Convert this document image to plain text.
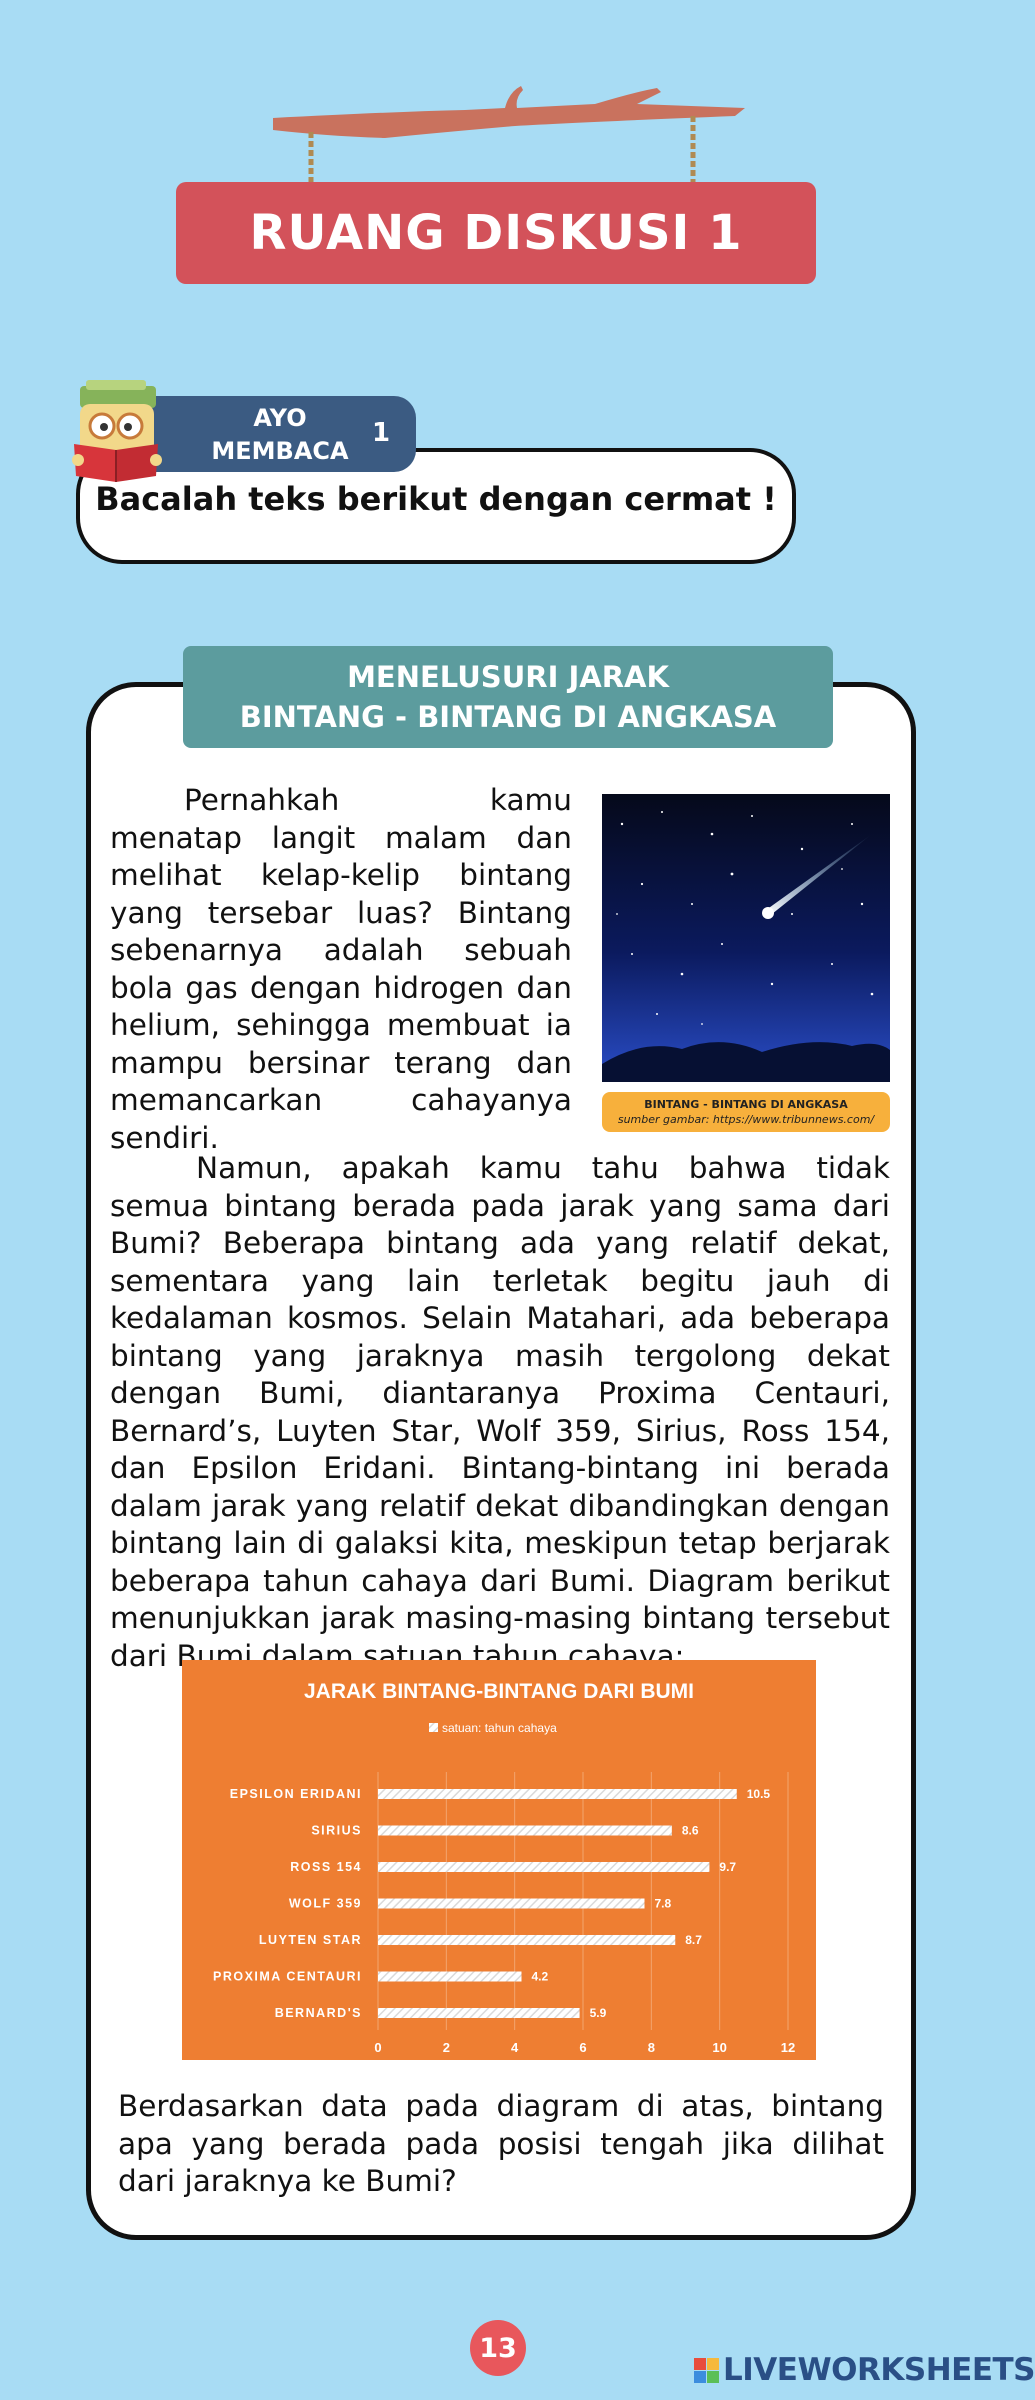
RUANG DISKUSI 1
Bacalah teks berikut dengan cermat !
AYO
MEMBACA
1
MENELUSURI JARAK
BINTANG - BINTANG DI ANGKASA
Pernahkah kamu menatap langit malam dan melihat kelap-kelip bintang yang tersebar luas? Bintang sebenarnya adalah sebuah bola gas dengan hidrogen dan helium, sehingga membuat ia mampu bersinar terang dan memancarkan cahayanya sendiri.
BINTANG - BINTANG DI ANGKASA
sumber gambar: https://www.tribunnews.com/
Namun, apakah kamu tahu bahwa tidak semua bintang berada pada jarak yang sama dari Bumi? Beberapa bintang ada yang relatif dekat, sementara yang lain terletak begitu jauh di kedalaman kosmos. Selain Matahari, ada beberapa bintang yang jaraknya masih tergolong dekat dengan Bumi, diantaranya Proxima Centauri, Bernard’s, Luyten Star, Wolf 359, Sirius, Ross 154, dan Epsilon Eridani. Bintang-bintang ini berada dalam jarak yang relatif dekat dibandingkan dengan bintang lain di galaksi kita, meskipun tetap berjarak beberapa tahun cahaya dari Bumi. Diagram berikut menunjukkan jarak masing-masing bintang tersebut dari Bumi dalam satuan tahun cahaya:
JARAK BINTANG-BINTANG DARI BUMI
satuan: tahun cahaya
0	2	4	6	8	10	12
EPSILON ERIDANI	10.5
SIRIUS	8.6
ROSS 154	9.7
WOLF 359	7.8
LUYTEN STAR	8.7
PROXIMA CENTAURI	4.2
BERNARD'S	5.9
Berdasarkan data pada diagram di atas, bintang apa yang berada pada posisi tengah jika dilihat dari jaraknya ke Bumi?
13
LIVEWORKSHEETS
